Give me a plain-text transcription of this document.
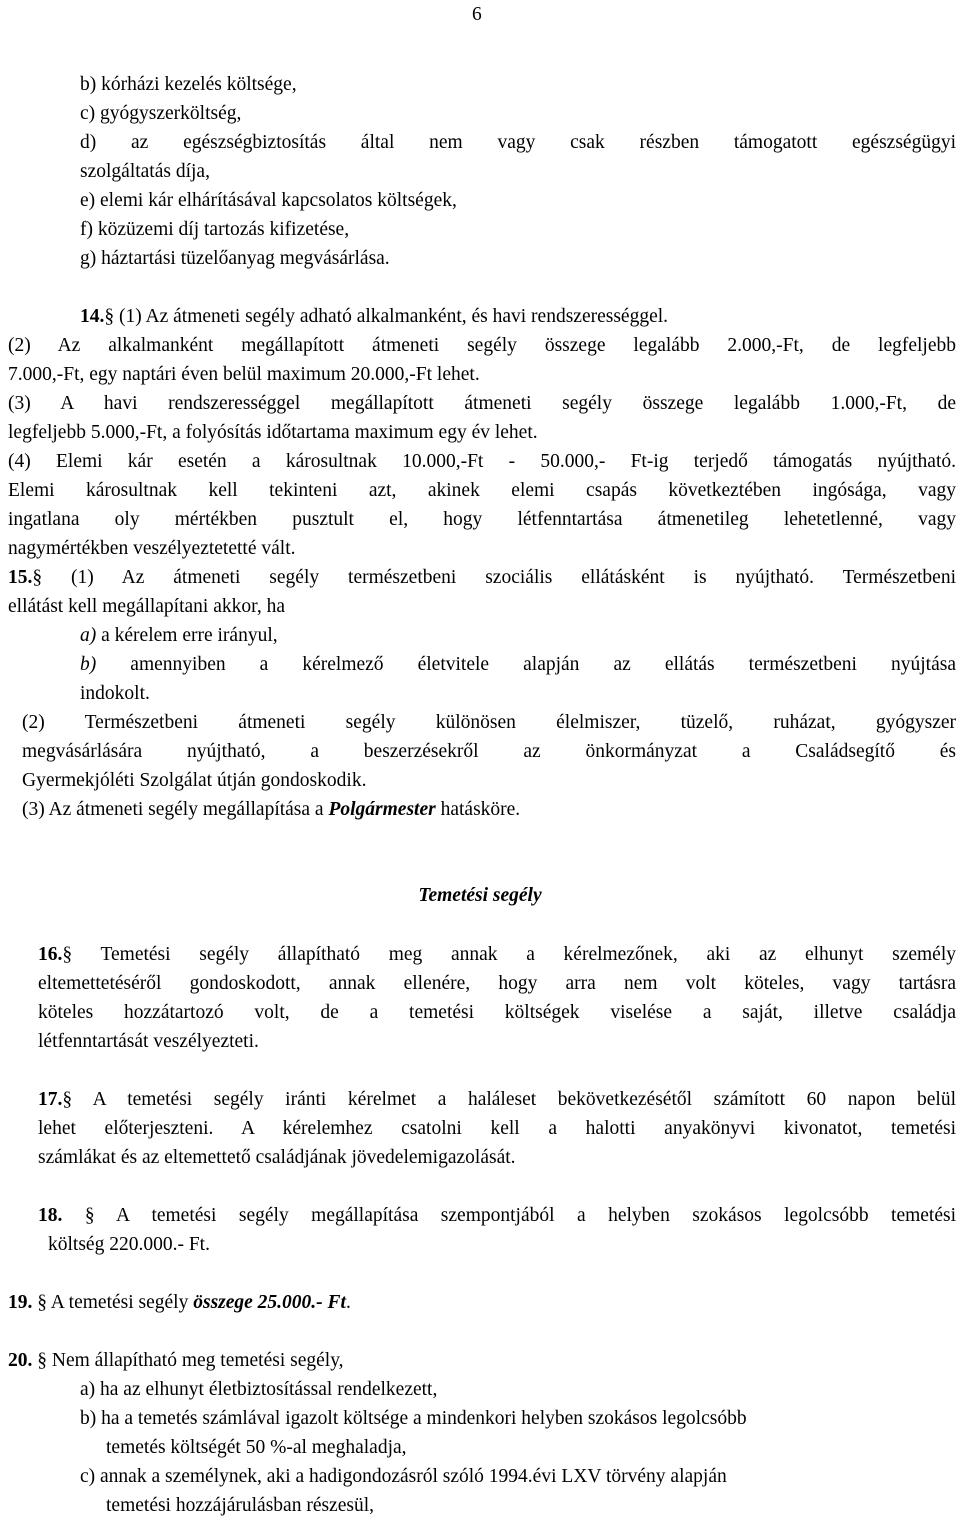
6
b) kórházi kezelés költsége,
c) gyógyszerköltség,
d) az egészségbiztosítás által nem vagy csak részben támogatott egészségügyi
szolgáltatás díja,
e) elemi kár elhárításával kapcsolatos költségek,
f) közüzemi díj tartozás kifizetése,
g) háztartási tüzelőanyag megvásárlása.
14.§ (1) Az átmeneti segély adható alkalmanként, és havi rendszerességgel.
(2) Az alkalmanként megállapított átmeneti segély összege legalább 2.000,-Ft, de legfeljebb
7.000,-Ft, egy naptári éven belül maximum 20.000,-Ft lehet.
(3) A havi rendszerességgel megállapított átmeneti segély összege legalább 1.000,-Ft, de
legfeljebb 5.000,-Ft, a folyósítás időtartama maximum egy év lehet.
(4) Elemi kár esetén a károsultnak 10.000,-Ft - 50.000,- Ft-ig terjedő támogatás nyújtható.
Elemi károsultnak kell tekinteni azt, akinek elemi csapás következtében ingósága, vagy
ingatlana oly mértékben pusztult el, hogy létfenntartása átmenetileg lehetetlenné, vagy
nagymértékben veszélyeztetetté vált.
15.§ (1) Az átmeneti segély természetbeni szociális ellátásként is nyújtható. Természetbeni
ellátást kell megállapítani akkor, ha
a) a kérelem erre irányul,
b) amennyiben a kérelmező életvitele alapján az ellátás természetbeni nyújtása
indokolt.
(2) Természetbeni átmeneti segély különösen élelmiszer, tüzelő, ruházat, gyógyszer
megvásárlására nyújtható, a beszerzésekről az önkormányzat a Családsegítő és
Gyermekjóléti Szolgálat útján gondoskodik.
(3) Az átmeneti segély megállapítása a Polgármester hatásköre.
Temetési segély
16.§ Temetési segély állapítható meg annak a kérelmezőnek, aki az elhunyt személy
eltemettetéséről gondoskodott, annak ellenére, hogy arra nem volt köteles, vagy tartásra
köteles hozzátartozó volt, de a temetési költségek viselése a saját, illetve családja
létfenntartását veszélyezteti.
17.§ A temetési segély iránti kérelmet a haláleset bekövetkezésétől számított 60 napon belül
lehet előterjeszteni. A kérelemhez csatolni kell a halotti anyakönyvi kivonatot, temetési
számlákat és az eltemettető családjának jövedelemigazolását.
18. § A temetési segély megállapítása szempontjából a helyben szokásos legolcsóbb temetési
költség 220.000.- Ft.
19. § A temetési segély összege 25.000.- Ft.
20. § Nem állapítható meg temetési segély,
a) ha az elhunyt életbiztosítással rendelkezett,
b) ha a temetés számlával igazolt költsége a mindenkori helyben szokásos legolcsóbb
temetés költségét 50 %-al meghaladja,
c) annak a személynek, aki a hadigondozásról szóló 1994.évi LXV törvény alapján
temetési hozzájárulásban részesül,
